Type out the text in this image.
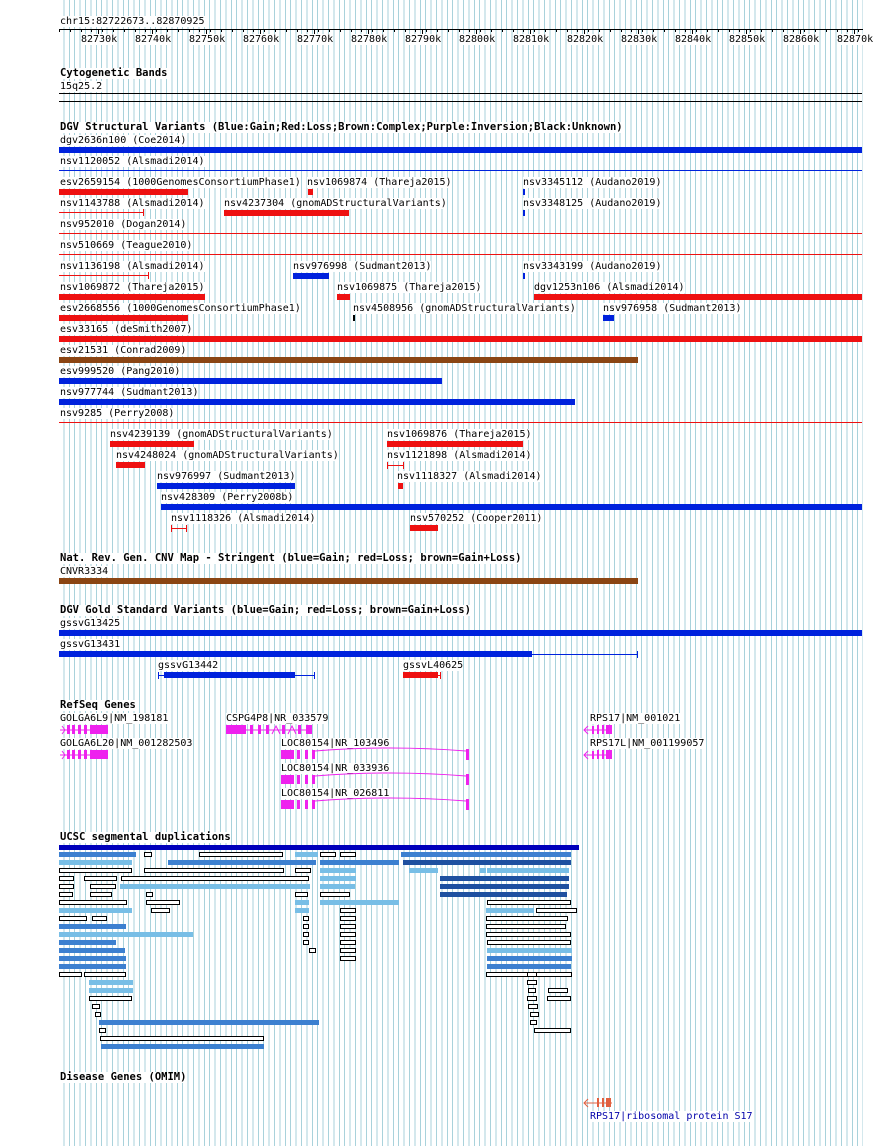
chr15:82722673..82870925
82730k 82740k 82750k 82760k 82770k 82780k 82790k 82800k 82810k 82820k 82830k 82840k 82850k 82860k 82870k
Cytogenetic Bands
15q25.2
DGV Structural Variants (Blue:Gain;Red:Loss;Brown:Complex;Purple:Inversion;Black:Unknown)
dgv2636n100 (Coe2014)
nsv1120052 (Alsmadi2014)
esv2659154 (1000GenomesConsortiumPhase1) nsv1069874 (Thareja2015)	nsv3345112 (Audano2019)
nsv1143788 (Alsmadi2014) nsv4237304 (gnomADStructuralVariants)	nsv3348125 (Audano2019)
nsv952010 (Dogan2014)
nsv510669 (Teague2010)
nsv1136198 (Alsmadi2014)	nsv976998 (Sudmant2013)	nsv3343199 (Audano2019)
nsv1069872 (Thareja2015)	nsv1069875 (Thareja2015)	dgv1253n106 (Alsmadi2014)
esv2668556 (1000GenomesConsortiumPhase1)	nsv4508956 (gnomADStructuralVariants)	nsv976958 (Sudmant2013)
esv33165 (deSmith2007)
esv21531 (Conrad2009)
esv999520 (Pang2010)
nsv977744 (Sudmant2013)
nsv9285 (Perry2008)
nsv4239139 (gnomADStructuralVariants)	nsv1069876 (Thareja2015)
nsv4248024 (gnomADStructuralVariants)	nsv1121898 (Alsmadi2014)
nsv976997 (Sudmant2013)	nsv1118327 (Alsmadi2014)
nsv428309 (Perry2008b)
nsv1118326 (Alsmadi2014)	nsv570252 (Cooper2011)
Nat. Rev. Gen. CNV Map - Stringent (blue=Gain; red=Loss; brown=Gain+Loss)
CNVR3334
DGV Gold Standard Variants (blue=Gain; red=Loss; brown=Gain+Loss)
gssvG13425
gssvG13431
gssvG13442	gssvL40625
RefSeq Genes
GOLGA6L9|NM_198181	CSPG4P8|NR_033579	RPS17|NM_001021
GOLGA6L20|NM_001282503	LOC80154|NR_103496	RPS17L|NM_001199057
LOC80154|NR_033936
LOC80154|NR_026811
UCSC segmental duplications
Disease Genes (OMIM)
RPS17|ribosomal protein S17
